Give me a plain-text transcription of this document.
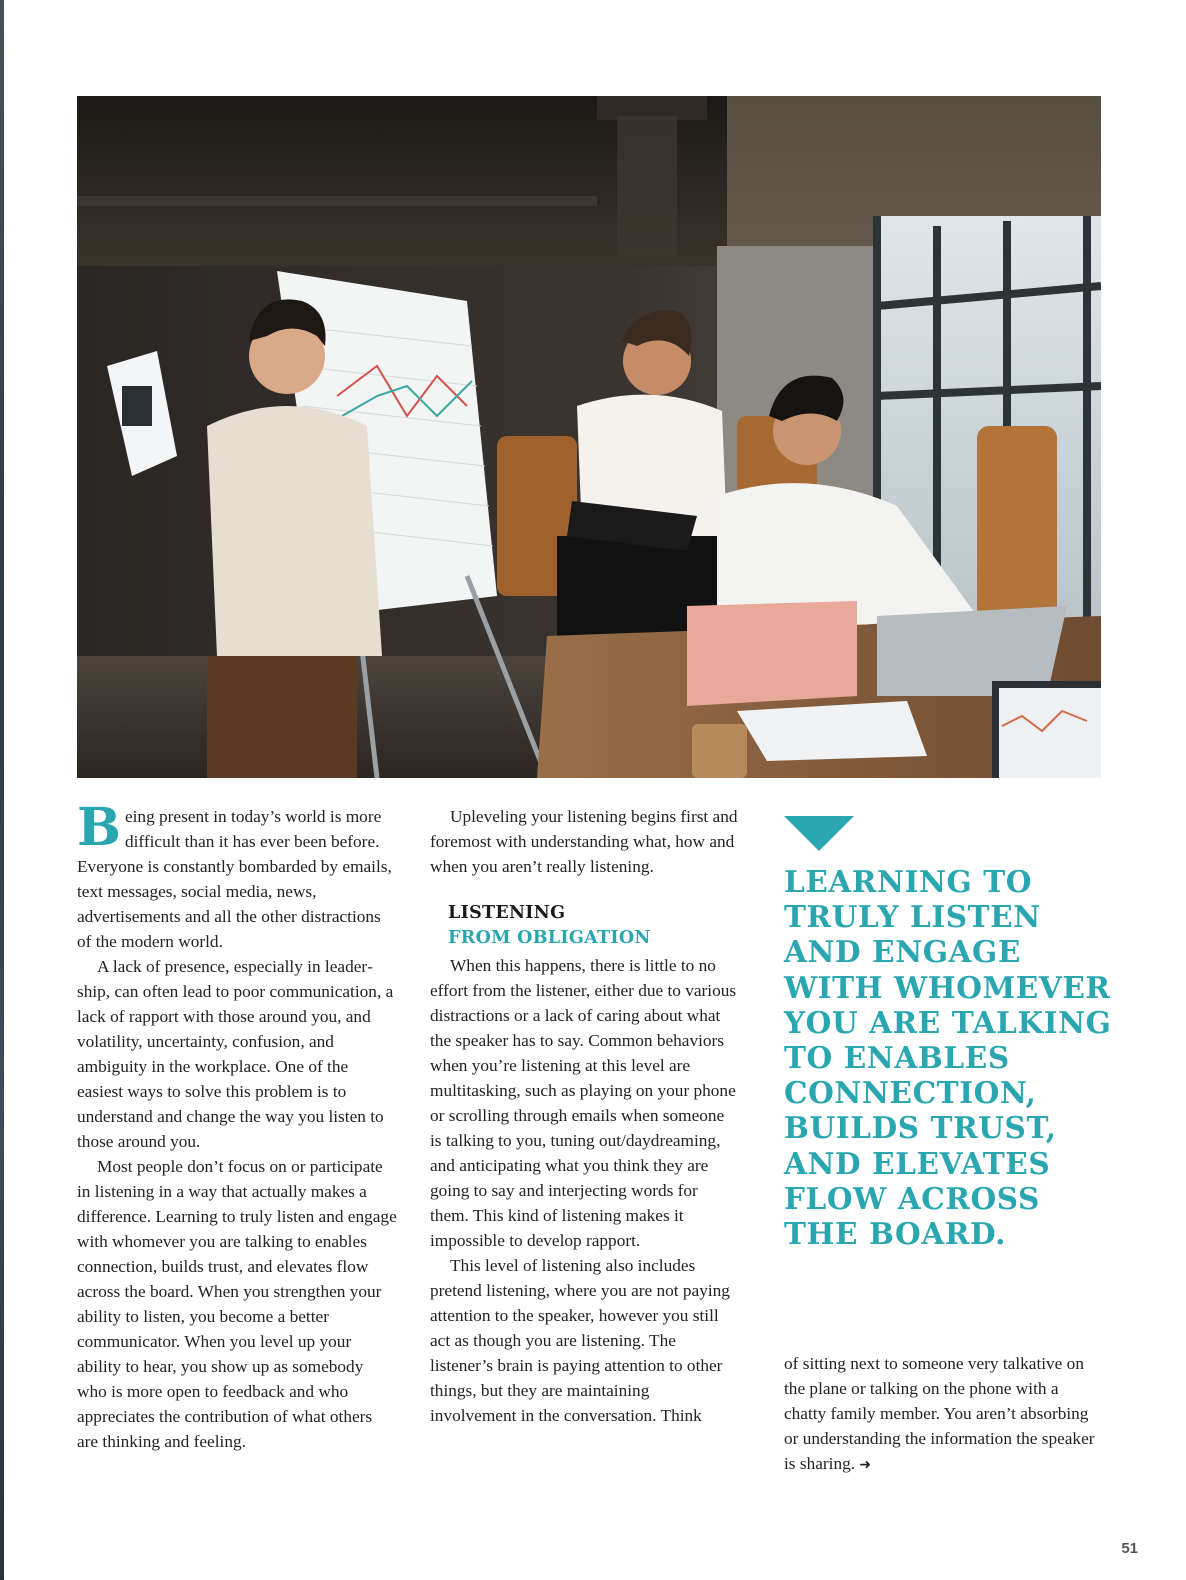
Being present in today’s world is more difficult than it has ever been before. Everyone is constantly bombarded by emails, text messages, social media, news, advertisements and all the other distractions of the modern world.

A lack of presence, especially in leadership, can often lead to poor communication, a lack of rapport with those around you, and volatility, uncertainty, confusion, and ambiguity in the workplace. One of the easiest ways to solve this problem is to understand and change the way you listen to those around you.

Most people don’t focus on or participate in listening in a way that actually makes a difference. Learning to truly listen and engage with whomever you are talking to enables connection, builds trust, and elevates flow across the board. When you strengthen your ability to listen, you become a better communicator. When you level up your ability to hear, you show up as somebody who is more open to feedback and who appreciates the contribution of what others are thinking and feeling.

Upleveling your listening begins first and foremost with understanding what, how and when you aren’t really listening.

LISTENING
FROM OBLIGATION

When this happens, there is little to no effort from the listener, either due to various distractions or a lack of caring about what the speaker has to say. Common behaviors when you’re listening at this level are multitasking, such as playing on your phone or scrolling through emails when someone is talking to you, tuning out/daydreaming, and anticipating what you think they are going to say and interjecting words for them. This kind of listening makes it impossible to develop rapport.

This level of listening also includes pretend listening, where you are not paying attention to the speaker, however you still act as though you are listening. The listener’s brain is paying attention to other things, but they are maintaining involvement in the conversation. Think

LEARNING TO
TRULY LISTEN
AND ENGAGE
WITH WHOMEVER
YOU ARE TALKING
TO ENABLES
CONNECTION,
BUILDS TRUST,
AND ELEVATES
FLOW ACROSS
THE BOARD.

of sitting next to someone very talkative on the plane or talking on the phone with a chatty family member. You aren’t absorbing or understanding the information the speaker is sharing. ➜

51
